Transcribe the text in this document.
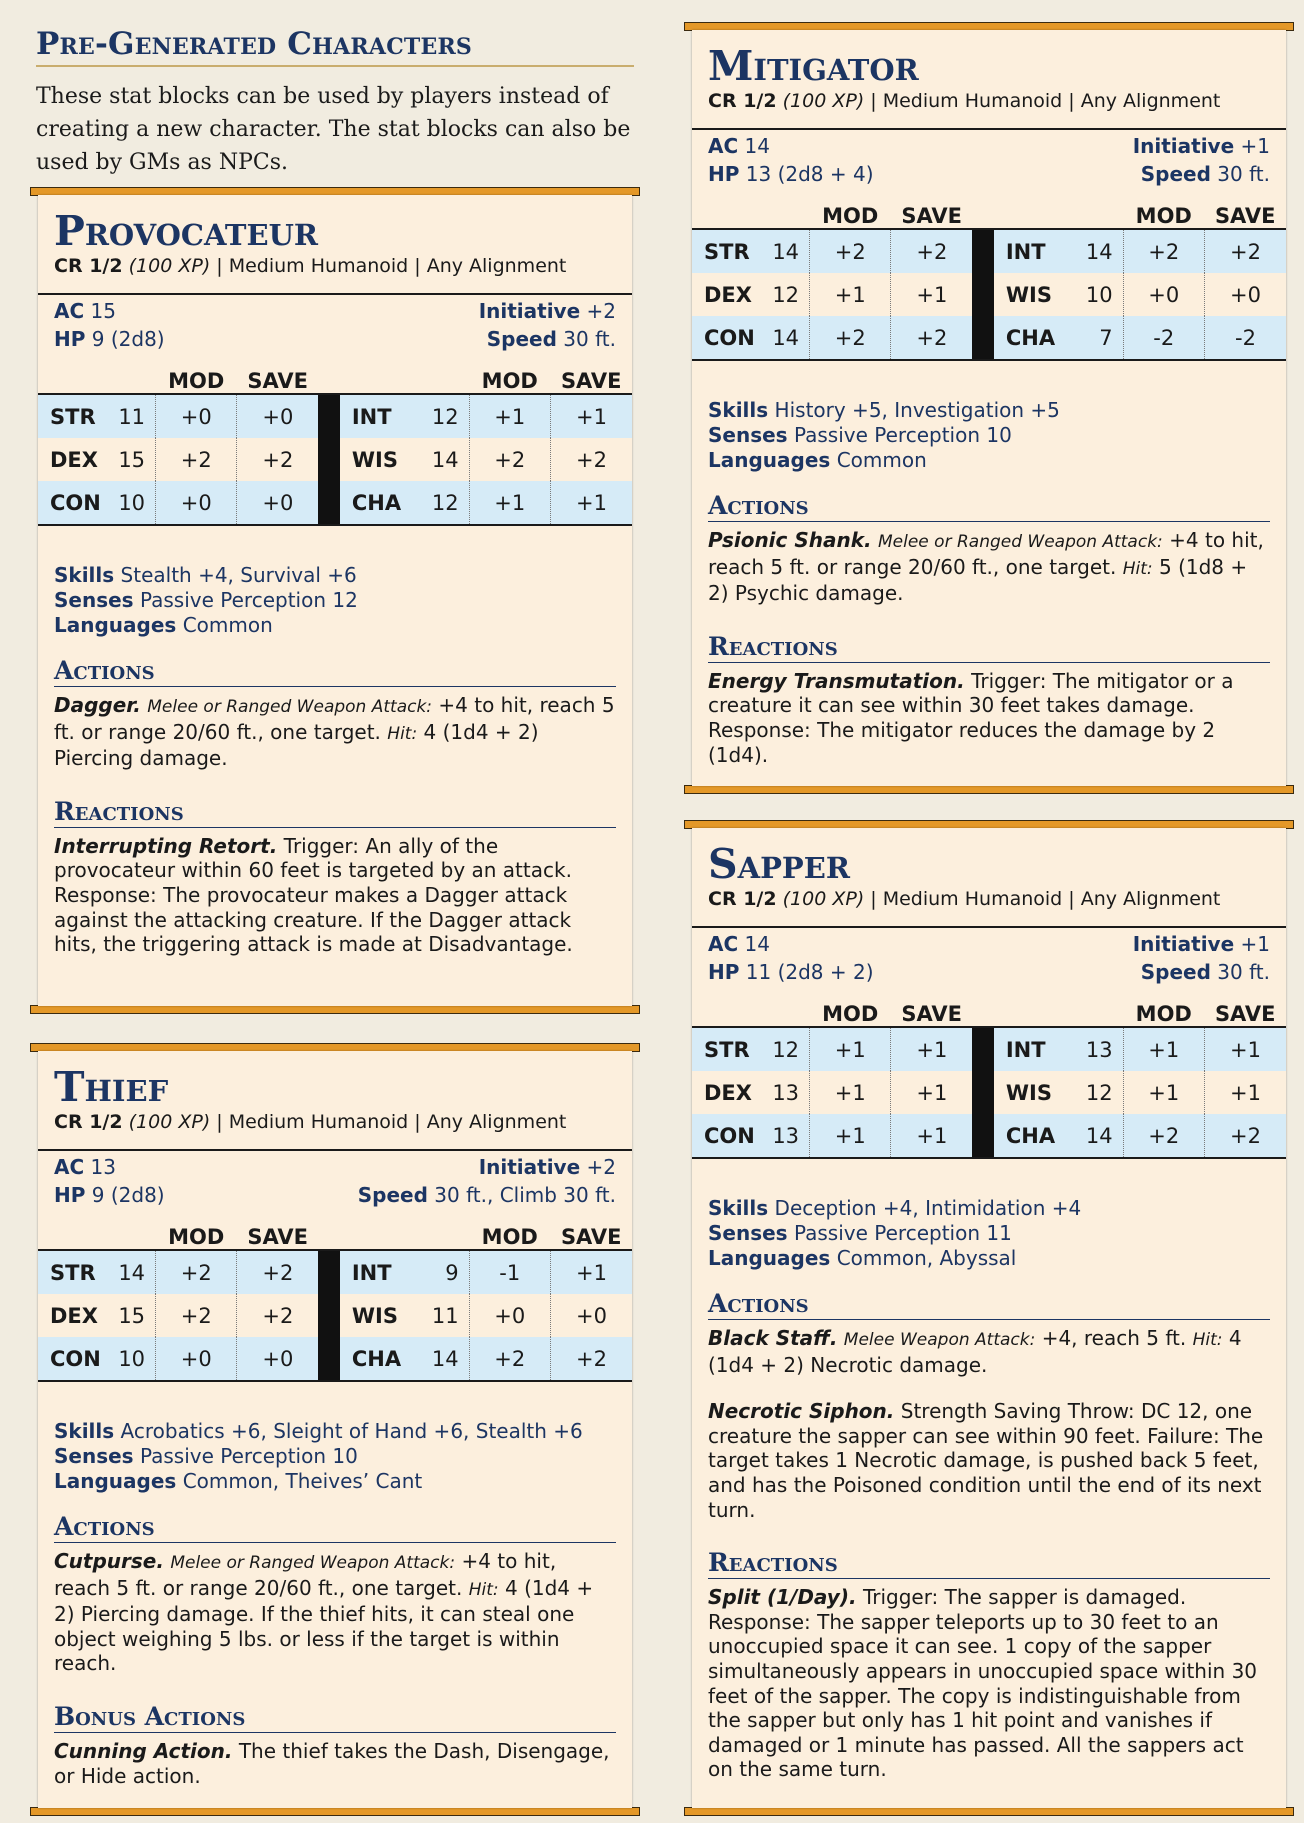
Pre-Generated Characters
These stat blocks can be used by players instead of creating a new character. The stat blocks can also be used by GMs as NPCs.
Provocateur
CR 1/2 (100 XP) | Medium Humanoid | Any Alignment
AC 15	Initiative +2
HP 9 (2d8)	Speed 30 ft.
		MOD	SAVE				MOD	SAVE
STR	11	+0	+0		INT	12	+1	+1
DEX	15	+2	+2		WIS	14	+2	+2
CON	10	+0	+0		CHA	12	+1	+1
Skills Stealth +4, Survival +6
Senses Passive Perception 12
Languages Common
Actions
Dagger. Melee or Ranged Weapon Attack: +4 to hit, reach 5 ft. or range 20/60 ft., one target. Hit: 4 (1d4 + 2) Piercing damage.
Reactions
Interrupting Retort. Trigger: An ally of the provocateur within 60 feet is targeted by an attack. Response: The provocateur makes a Dagger attack against the attacking creature. If the Dagger attack hits, the triggering attack is made at Disadvantage.
Thief
CR 1/2 (100 XP) | Medium Humanoid | Any Alignment
AC 13	Initiative +2
HP 9 (2d8)	Speed 30 ft., Climb 30 ft.
		MOD	SAVE				MOD	SAVE
STR	14	+2	+2		INT	9	-1	+1
DEX	15	+2	+2		WIS	11	+0	+0
CON	10	+0	+0		CHA	14	+2	+2
Skills Acrobatics +6, Sleight of Hand +6, Stealth +6
Senses Passive Perception 10
Languages Common, Theives’ Cant
Actions
Cutpurse. Melee or Ranged Weapon Attack: +4 to hit, reach 5 ft. or range 20/60 ft., one target. Hit: 4 (1d4 + 2) Piercing damage. If the thief hits, it can steal one object weighing 5 lbs. or less if the target is within reach.
Bonus Actions
Cunning Action. The thief takes the Dash, Disengage, or Hide action.
Mitigator
CR 1/2 (100 XP) | Medium Humanoid | Any Alignment
AC 14	Initiative +1
HP 13 (2d8 + 4)	Speed 30 ft.
		MOD	SAVE				MOD	SAVE
STR	14	+2	+2		INT	14	+2	+2
DEX	12	+1	+1		WIS	10	+0	+0
CON	14	+2	+2		CHA	7	-2	-2
Skills History +5, Investigation +5
Senses Passive Perception 10
Languages Common
Actions
Psionic Shank. Melee or Ranged Weapon Attack: +4 to hit, reach 5 ft. or range 20/60 ft., one target. Hit: 5 (1d8 + 2) Psychic damage.
Reactions
Energy Transmutation. Trigger: The mitigator or a creature it can see within 30 feet takes damage. Response: The mitigator reduces the damage by 2 (1d4).
Sapper
CR 1/2 (100 XP) | Medium Humanoid | Any Alignment
AC 14	Initiative +1
HP 11 (2d8 + 2)	Speed 30 ft.
		MOD	SAVE				MOD	SAVE
STR	12	+1	+1		INT	13	+1	+1
DEX	13	+1	+1		WIS	12	+1	+1
CON	13	+1	+1		CHA	14	+2	+2
Skills Deception +4, Intimidation +4
Senses Passive Perception 11
Languages Common, Abyssal
Actions
Black Staff. Melee Weapon Attack: +4, reach 5 ft. Hit: 4 (1d4 + 2) Necrotic damage.
Necrotic Siphon. Strength Saving Throw: DC 12, one creature the sapper can see within 90 feet. Failure: The target takes 1 Necrotic damage, is pushed back 5 feet, and has the Poisoned condition until the end of its next turn.
Reactions
Split (1/Day). Trigger: The sapper is damaged. Response: The sapper teleports up to 30 feet to an unoccupied space it can see. 1 copy of the sapper simultaneously appears in unoccupied space within 30 feet of the sapper. The copy is indistinguishable from the sapper but only has 1 hit point and vanishes if damaged or 1 minute has passed. All the sappers act on the same turn.
